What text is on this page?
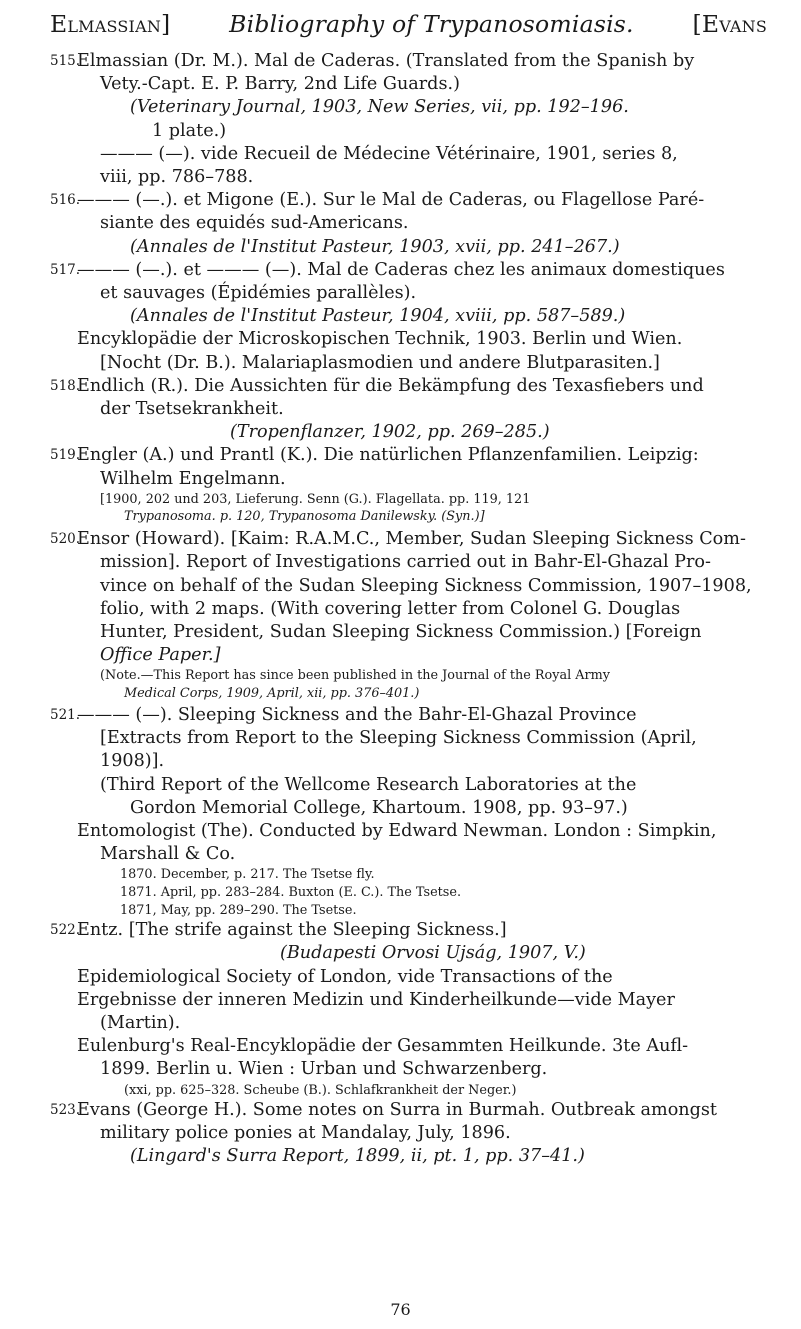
Elmassian] Bibliography of Trypanosomiasis. [Evans
515.
Elmassian (Dr. M.). Mal de Caderas. (Translated from the Spanish by
Vety.-Capt. E. P. Barry, 2nd Life Guards.)
(Veterinary Journal, 1903, New Series, vii, pp. 192–196.
1 plate.)
——— (—). vide Recueil de Médecine Vétérinaire, 1901, series 8,
viii, pp. 786–788.
516.
——— (—.). et Migone (E.). Sur le Mal de Caderas, ou Flagellose Paré-
siante des equidés sud-Americans.
(Annales de l'Institut Pasteur, 1903, xvii, pp. 241–267.)
517.
——— (—.). et ——— (—). Mal de Caderas chez les animaux domestiques
et sauvages (Épidémies parallèles).
(Annales de l'Institut Pasteur, 1904, xviii, pp. 587–589.)
Encyklopädie der Microskopischen Technik, 1903. Berlin und Wien.
[Nocht (Dr. B.). Malariaplasmodien und andere Blutparasiten.]
518.
Endlich (R.). Die Aussichten für die Bekämpfung des Texasfiebers und
der Tsetsekrankheit.
(Tropenflanzer, 1902, pp. 269–285.)
519.
Engler (A.) und Prantl (K.). Die natürlichen Pflanzenfamilien. Leipzig:
Wilhelm Engelmann.
[1900, 202 und 203, Lieferung. Senn (G.). Flagellata. pp. 119, 121
Trypanosoma. p. 120, Trypanosoma Danilewsky. (Syn.)]
520.
Ensor (Howard). [Kaim: R.A.M.C., Member, Sudan Sleeping Sickness Com-
mission]. Report of Investigations carried out in Bahr-El-Ghazal Pro-
vince on behalf of the Sudan Sleeping Sickness Commission, 1907–1908,
folio, with 2 maps. (With covering letter from Colonel G. Douglas
Hunter, President, Sudan Sleeping Sickness Commission.) [Foreign
Office Paper.]
(Note.—This Report has since been published in the Journal of the Royal Army
Medical Corps, 1909, April, xii, pp. 376–401.)
521.
——— (—). Sleeping Sickness and the Bahr-El-Ghazal Province
[Extracts from Report to the Sleeping Sickness Commission (April,
1908)].
(Third Report of the Wellcome Research Laboratories at the
Gordon Memorial College, Khartoum. 1908, pp. 93–97.)
Entomologist (The). Conducted by Edward Newman. London : Simpkin,
Marshall & Co.
1870. December, p. 217. The Tsetse fly.
1871. April, pp. 283–284. Buxton (E. C.). The Tsetse.
1871, May, pp. 289–290. The Tsetse.
522.
Entz. [The strife against the Sleeping Sickness.]
(Budapesti Orvosi Ujság, 1907, V.)
Epidemiological Society of London, vide Transactions of the
Ergebnisse der inneren Medizin und Kinderheilkunde—vide Mayer
(Martin).
Eulenburg's Real-Encyklopädie der Gesammten Heilkunde. 3te Aufl-
1899. Berlin u. Wien : Urban und Schwarzenberg.
(xxi, pp. 625–328. Scheube (B.). Schlafkrankheit der Neger.)
523.
Evans (George H.). Some notes on Surra in Burmah. Outbreak amongst
military police ponies at Mandalay, July, 1896.
(Lingard's Surra Report, 1899, ii, pt. 1, pp. 37–41.)
76
